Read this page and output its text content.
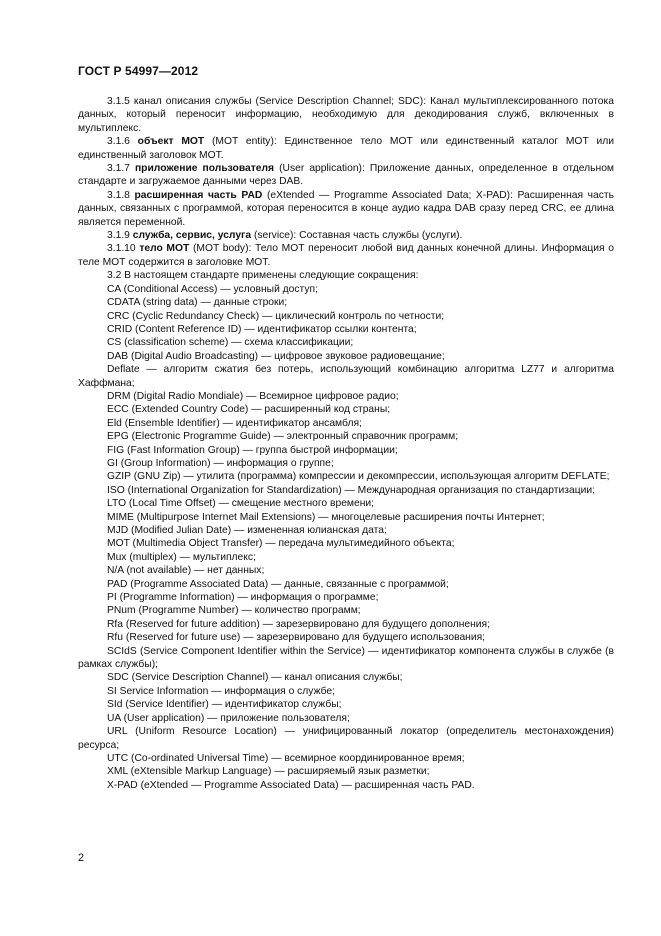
ГОСТ Р 54997—2012

3.1.5 канал описания службы (Service Description Channel; SDC): Канал мультиплексированного потока данных, который переносит информацию, необходимую для декодирования служб, включенных в мультиплекс.

3.1.6 объект МОТ (MOT entity): Единственное тело МОТ или единственный каталог МОТ или единственный заголовок МОТ.

3.1.7 приложение пользователя (User application): Приложение данных, определенное в отдельном стандарте и загружаемое данными через DAB.

3.1.8 расширенная часть PAD (eXtended — Programme Associated Data; X-PAD): Расширенная часть данных, связанных с программой, которая переносится в конце аудио кадра DAB сразу перед CRC, ее длина является переменной.

3.1.9 служба, сервис, услуга (service): Составная часть службы (услуги).

3.1.10 тело МОТ (MOT body): Тело МОТ переносит любой вид данных конечной длины. Информация о теле МОТ содержится в заголовке МОТ.

3.2 В настоящем стандарте применены следующие сокращения:

CA (Conditional Access) — условный доступ;

CDATA (string data) — данные строки;

CRC (Cyclic Redundancy Check) — циклический контроль по четности;

CRID (Content Reference ID) — идентификатор ссылки контента;

CS (classification scheme) — схема классификации;

DAB (Digital Audio Broadcasting) — цифровое звуковое радиовещание;

Deflate — алгоритм сжатия без потерь, использующий комбинацию алгоритма LZ77 и алгоритма Хаффмана;

DRM (Digital Radio Mondiale) — Всемирное цифровое радио;

ECC (Extended Country Code) — расширенный код страны;

Eld (Ensemble Identifier) — идентификатор ансамбля;

EPG (Electronic Programme Guide) — электронный справочник программ;

FIG (Fast Information Group) — группа быстрой информации;

GI (Group Information) — информация о группе;

GZIP (GNU Zip) — утилита (программа) компрессии и декомпрессии, использующая алгоритм DEFLATE;

ISO (International Organization for Standardization) — Международная организация по стандартизации;

LTO (Local Time Offset) — смещение местного времени;

MIME (Multipurpose Internet Mail Extensions) — многоцелевые расширения почты Интернет;

MJD (Modified Julian Date) — измененная юлианская дата;

MOT (Multimedia Object Transfer) — передача мультимедийного объекта;

Mux (multiplex) — мультиплекс;

N/A (not available) — нет данных;

PAD (Programme Associated Data) — данные, связанные с программой;

PI (Programme Information) — информация о программе;

PNum (Programme Number) — количество программ;

Rfa (Reserved for future addition) — зарезервировано для будущего дополнения;

Rfu (Reserved for future use) — зарезервировано для будущего использования;

SCIdS (Service Component Identifier within the Service) — идентификатор компонента службы в службе (в рамках службы);

SDC (Service Description Channel) — канал описания службы;

SI Service Information — информация о службе;

SId (Service Identifier) — идентификатор службы;

UA (User application) — приложение пользователя;

URL (Uniform Resource Location) — унифицированный локатор (определитель местонахождения) ресурса;

UTC (Co-ordinated Universal Time) — всемирное координированное время;

XML (eXtensible Markup Language) — расширяемый язык разметки;

X-PAD (eXtended — Programme Associated Data) — расширенная часть PAD.

2
